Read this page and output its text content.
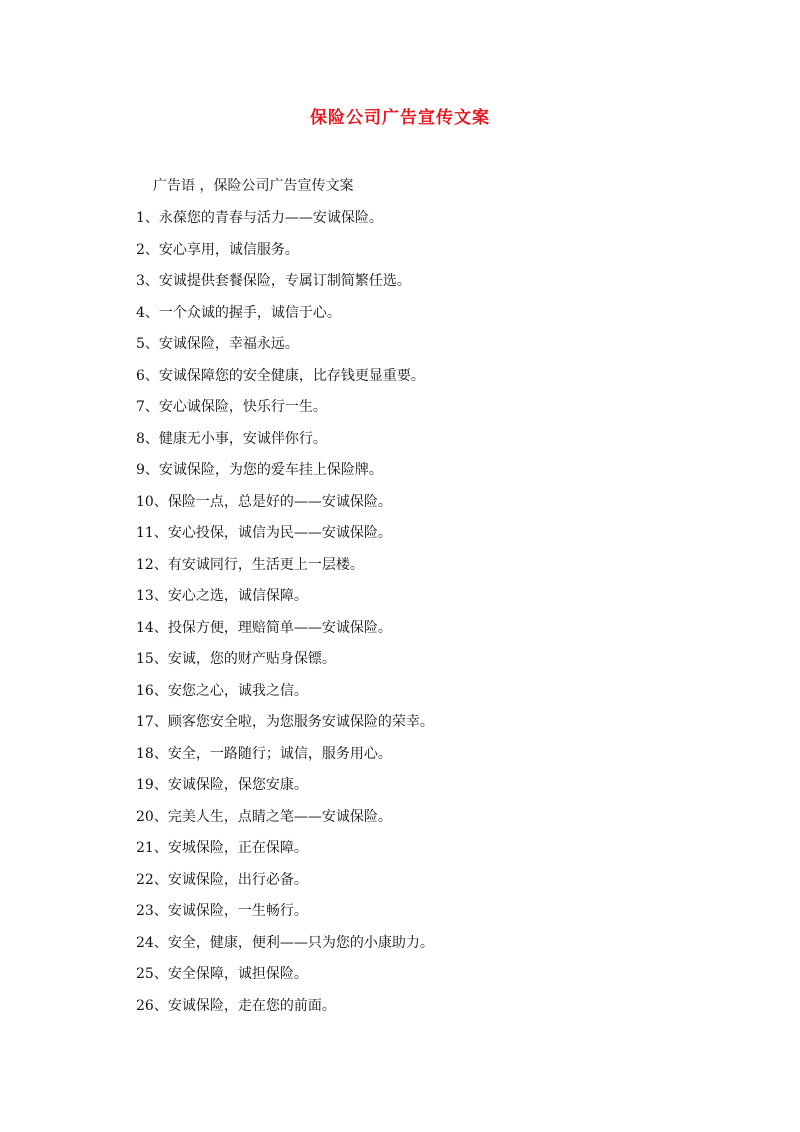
保险公司广告宣传文案

广告语 ，保险公司广告宣传文案

1、永葆您的青春与活力——安诚保险。
2、安心享用，诚信服务。
3、安诚提供套餐保险，专属订制简繁任选。
4、一个众诚的握手，诚信于心。
5、安诚保险，幸福永远。
6、安诚保障您的安全健康，比存钱更显重要。
7、安心诚保险，快乐行一生。
8、健康无小事，安诚伴你行。
9、安诚保险，为您的爱车挂上保险牌。
10、保险一点，总是好的——安诚保险。
11、安心投保，诚信为民——安诚保险。
12、有安诚同行，生活更上一层楼。
13、安心之选，诚信保障。
14、投保方便，理赔简单——安诚保险。
15、安诚，您的财产贴身保镖。
16、安您之心，诚我之信。
17、顾客您安全啦，为您服务安诚保险的荣幸。
18、安全，一路随行；诚信，服务用心。
19、安诚保险，保您安康。
20、完美人生，点睛之笔——安诚保险。
21、安城保险，正在保障。
22、安诚保险，出行必备。
23、安诚保险，一生畅行。
24、安全，健康，便利——只为您的小康助力。
25、安全保障，诚担保险。
26、安诚保险，走在您的前面。
